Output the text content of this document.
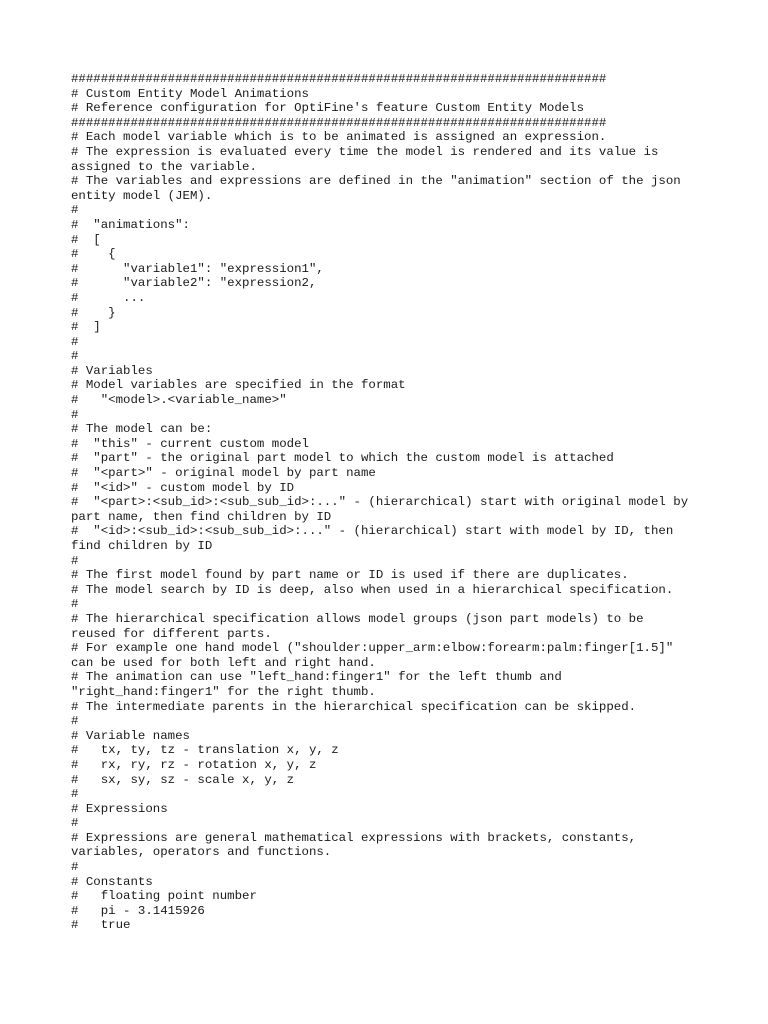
########################################################################
# Custom Entity Model Animations
# Reference configuration for OptiFine's feature Custom Entity Models
########################################################################
# Each model variable which is to be animated is assigned an expression.
# The expression is evaluated every time the model is rendered and its value is
assigned to the variable.
# The variables and expressions are defined in the "animation" section of the json
entity model (JEM).
#
#  "animations":
#  [
#    {
#      "variable1": "expression1",
#      "variable2": "expression2,
#      ...
#    }
#  ]
#
#
# Variables
# Model variables are specified in the format
#   "<model>.<variable_name>"
#
# The model can be:
#  "this" - current custom model
#  "part" - the original part model to which the custom model is attached
#  "<part>" - original model by part name
#  "<id>" - custom model by ID
#  "<part>:<sub_id>:<sub_sub_id>:..." - (hierarchical) start with original model by
part name, then find children by ID
#  "<id>:<sub_id>:<sub_sub_id>:..." - (hierarchical) start with model by ID, then
find children by ID
#
# The first model found by part name or ID is used if there are duplicates.
# The model search by ID is deep, also when used in a hierarchical specification.
#
# The hierarchical specification allows model groups (json part models) to be
reused for different parts.
# For example one hand model ("shoulder:upper_arm:elbow:forearm:palm:finger[1.5]"
can be used for both left and right hand.
# The animation can use "left_hand:finger1" for the left thumb and
"right_hand:finger1" for the right thumb.
# The intermediate parents in the hierarchical specification can be skipped.
#
# Variable names
#   tx, ty, tz - translation x, y, z
#   rx, ry, rz - rotation x, y, z
#   sx, sy, sz - scale x, y, z
#
# Expressions
#
# Expressions are general mathematical expressions with brackets, constants,
variables, operators and functions.
#
# Constants
#   floating point number
#   pi - 3.1415926
#   true
